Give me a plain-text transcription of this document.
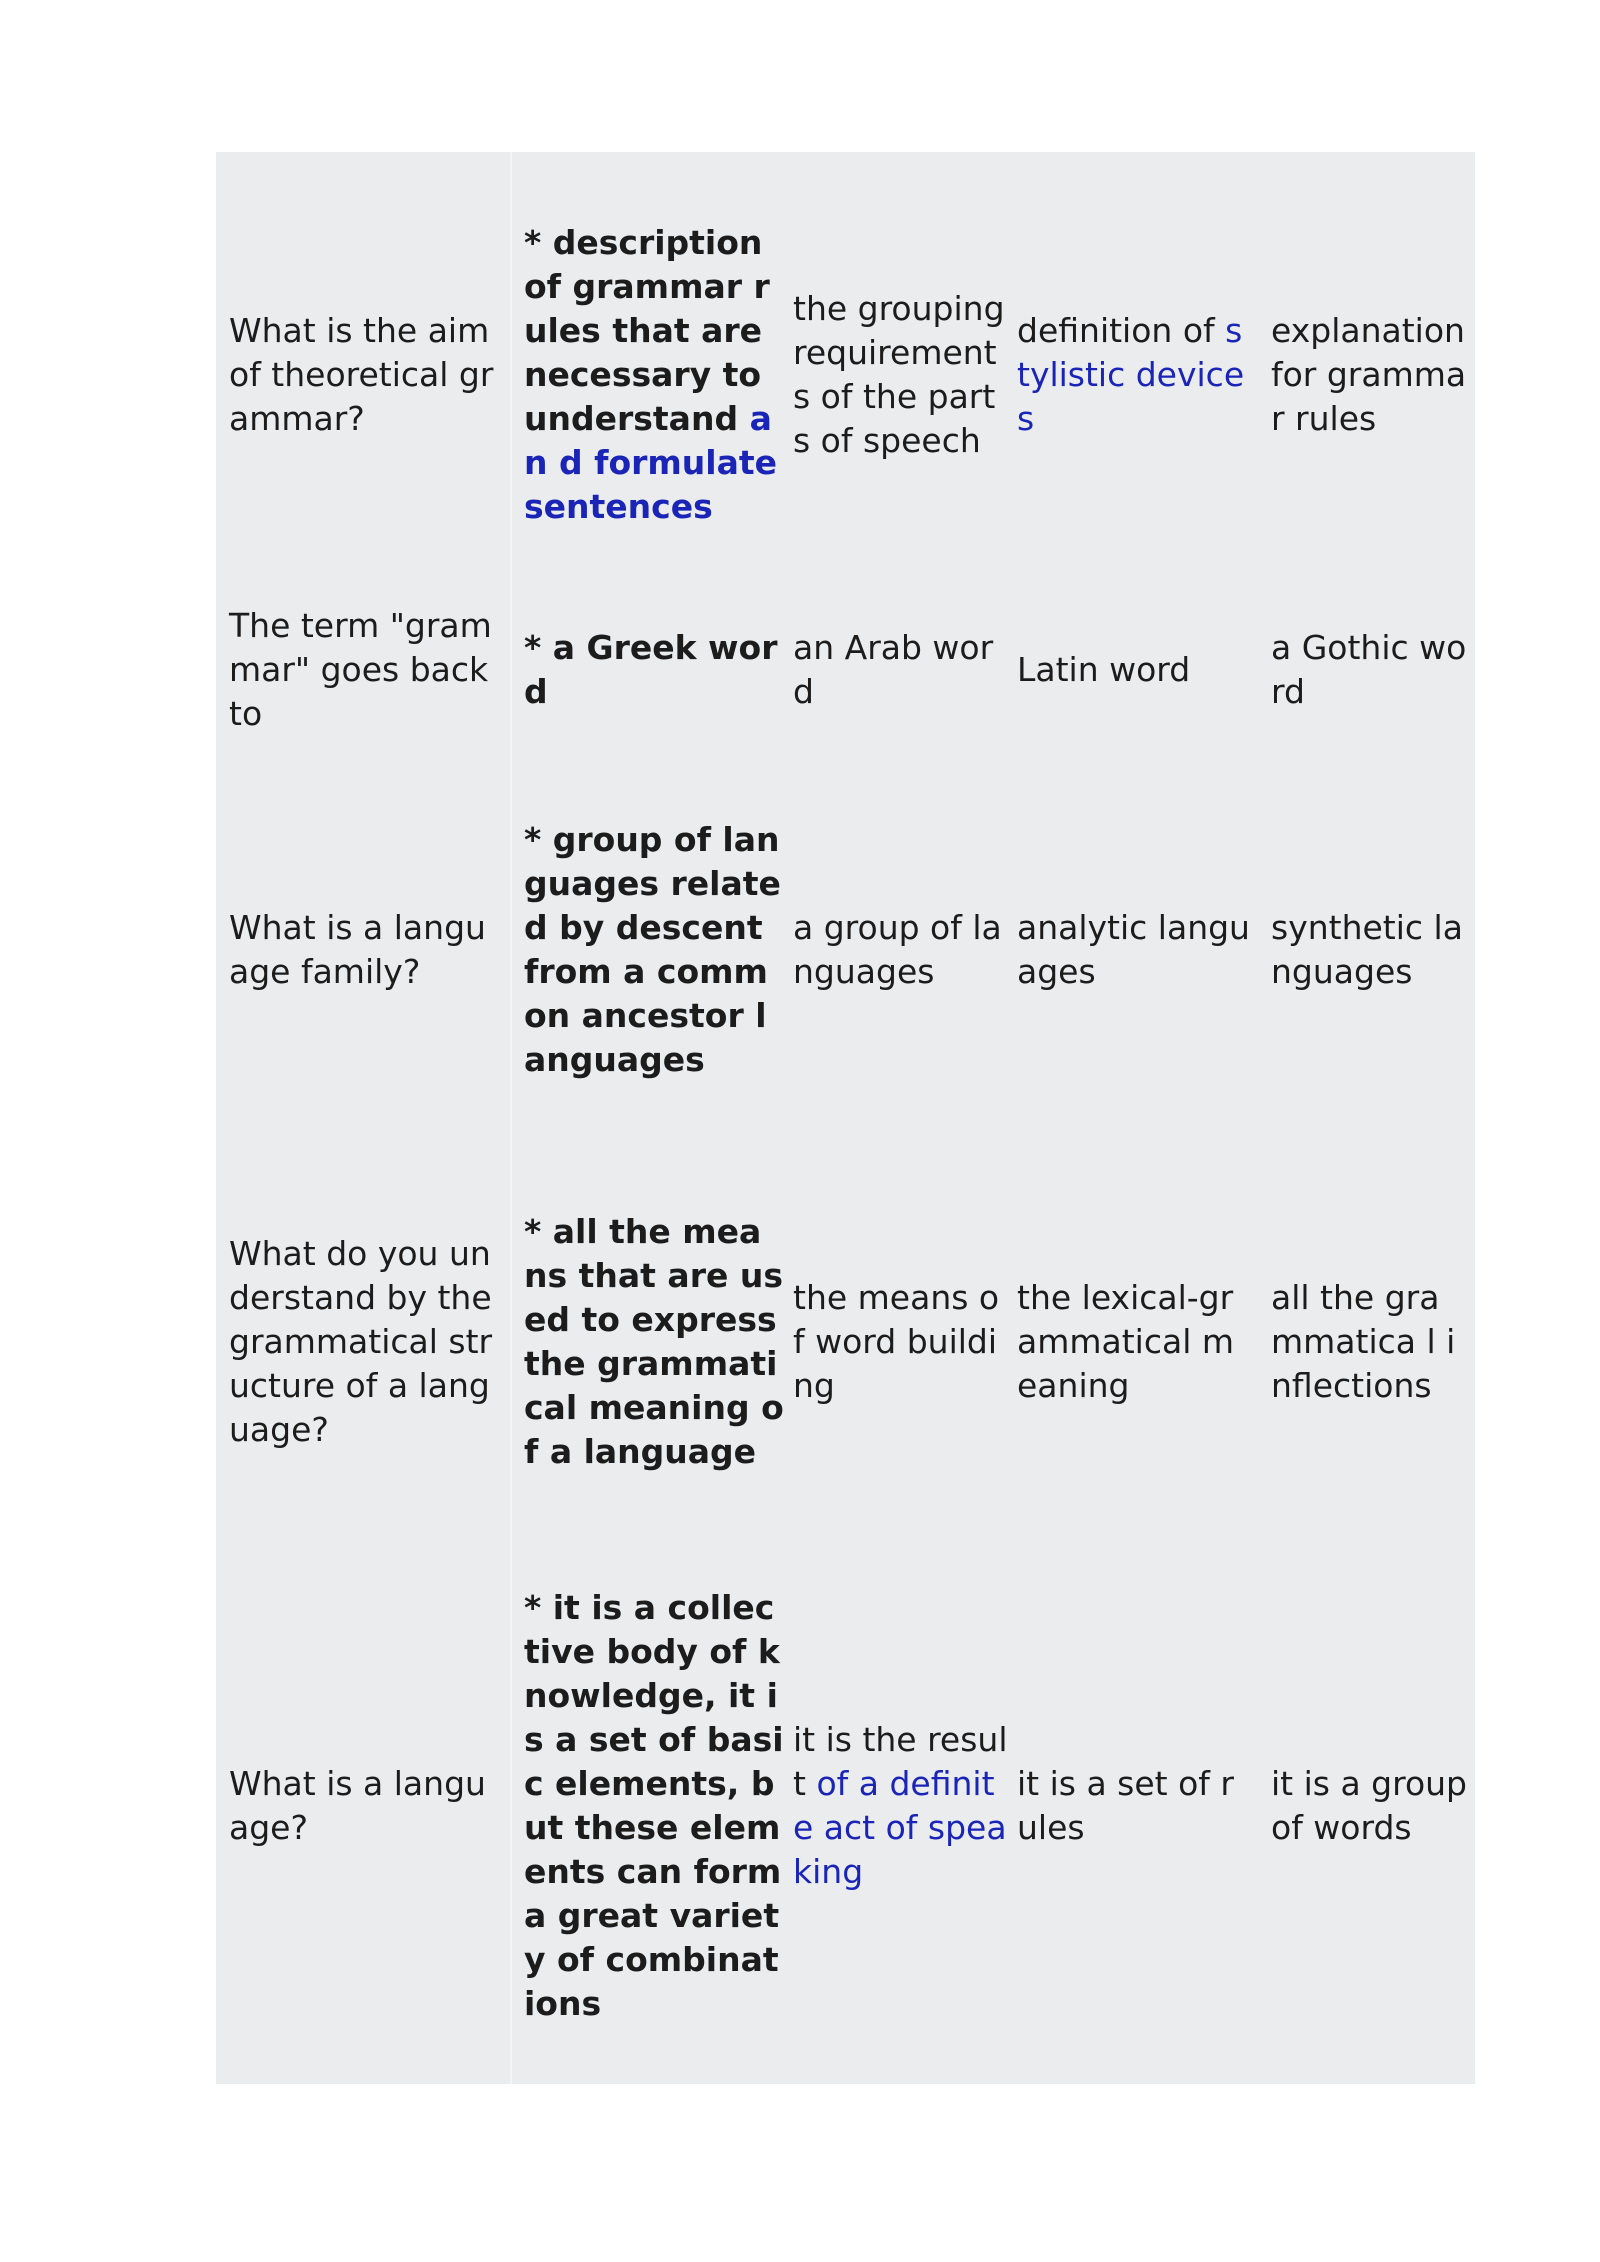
What is the aim of theoretical grammar?	* description of grammar rules that are necessary to understand an d formulate sentences	the grouping requirement s of the parts of speech	definition of stylistic devices	explanation for grammar rules
The term "grammar" goes back to	* a Greek word	an Arab word	Latin word	a Gothic word
What is a language family?	* group of languages related by descent from a common ancestor languages	a group of languages	analytic languages	synthetic languages
What do you understand by the grammatical structure of a language?	* all the means that are used to express the grammatical meaning of a language	the means of word building	the lexical-grammatical meaning	all the grammatica l inflections
What is a language?	* it is a collective body of knowledge, it is a set of basic elements, but these elements can form a great variety of combinations	it is the result of a definite act of speaking	it is a set of rules	it is a group of words
